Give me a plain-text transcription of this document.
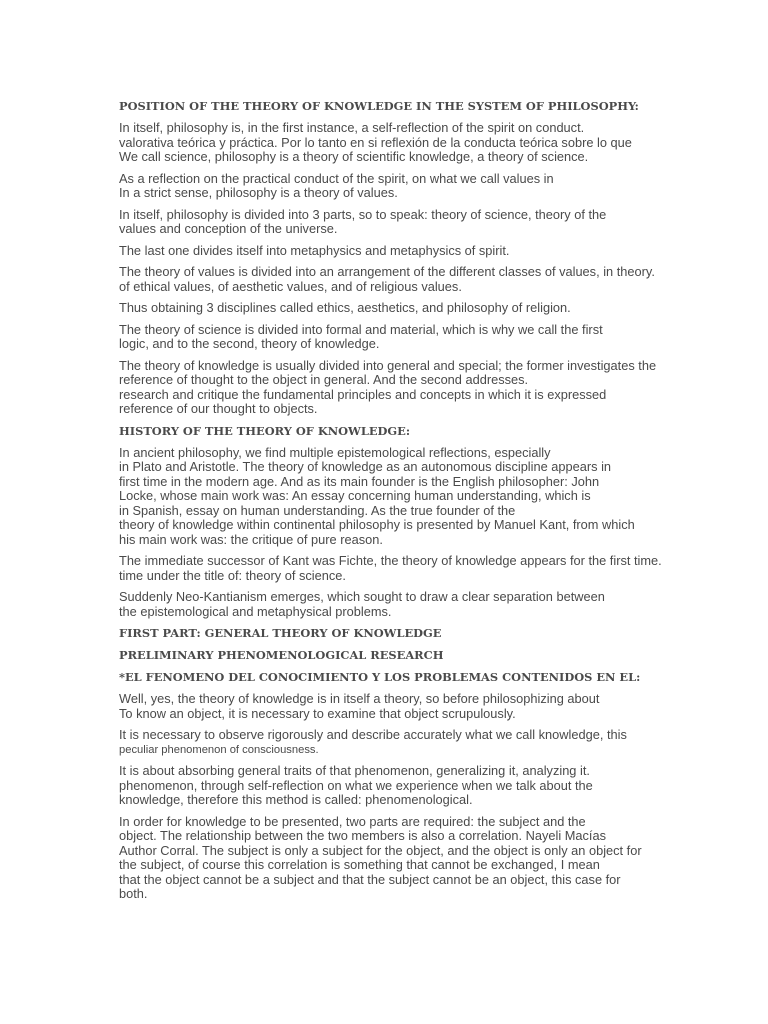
POSITION OF THE THEORY OF KNOWLEDGE IN THE SYSTEM OF PHILOSOPHY:
In itself, philosophy is, in the first instance, a self-reflection of the spirit on conduct.
valorativa teórica y práctica. Por lo tanto en si reflexión de la conducta teórica sobre lo que
We call science, philosophy is a theory of scientific knowledge, a theory of science.
As a reflection on the practical conduct of the spirit, on what we call values in
In a strict sense, philosophy is a theory of values.
In itself, philosophy is divided into 3 parts, so to speak: theory of science, theory of the
values and conception of the universe.
The last one divides itself into metaphysics and metaphysics of spirit.
The theory of values is divided into an arrangement of the different classes of values, in theory.
of ethical values, of aesthetic values, and of religious values.
Thus obtaining 3 disciplines called ethics, aesthetics, and philosophy of religion.
The theory of science is divided into formal and material, which is why we call the first
logic, and to the second, theory of knowledge.
The theory of knowledge is usually divided into general and special; the former investigates the
reference of thought to the object in general. And the second addresses.
research and critique the fundamental principles and concepts in which it is expressed
reference of our thought to objects.
HISTORY OF THE THEORY OF KNOWLEDGE:
In ancient philosophy, we find multiple epistemological reflections, especially
in Plato and Aristotle. The theory of knowledge as an autonomous discipline appears in
first time in the modern age. And as its main founder is the English philosopher: John
Locke, whose main work was: An essay concerning human understanding, which is
in Spanish, essay on human understanding. As the true founder of the
theory of knowledge within continental philosophy is presented by Manuel Kant, from which
his main work was: the critique of pure reason.
The immediate successor of Kant was Fichte, the theory of knowledge appears for the first time.
time under the title of: theory of science.
Suddenly Neo-Kantianism emerges, which sought to draw a clear separation between
the epistemological and metaphysical problems.
FIRST PART: GENERAL THEORY OF KNOWLEDGE
PRELIMINARY PHENOMENOLOGICAL RESEARCH
*EL FENOMENO DEL CONOCIMIENTO Y LOS PROBLEMAS CONTENIDOS EN EL:
Well, yes, the theory of knowledge is in itself a theory, so before philosophizing about
To know an object, it is necessary to examine that object scrupulously.
It is necessary to observe rigorously and describe accurately what we call knowledge, this
peculiar phenomenon of consciousness.
It is about absorbing general traits of that phenomenon, generalizing it, analyzing it.
phenomenon, through self-reflection on what we experience when we talk about the
knowledge, therefore this method is called: phenomenological.
In order for knowledge to be presented, two parts are required: the subject and the
object. The relationship between the two members is also a correlation. Nayeli Macías
Author Corral. The subject is only a subject for the object, and the object is only an object for
the subject, of course this correlation is something that cannot be exchanged, I mean
that the object cannot be a subject and that the subject cannot be an object, this case for
both.
